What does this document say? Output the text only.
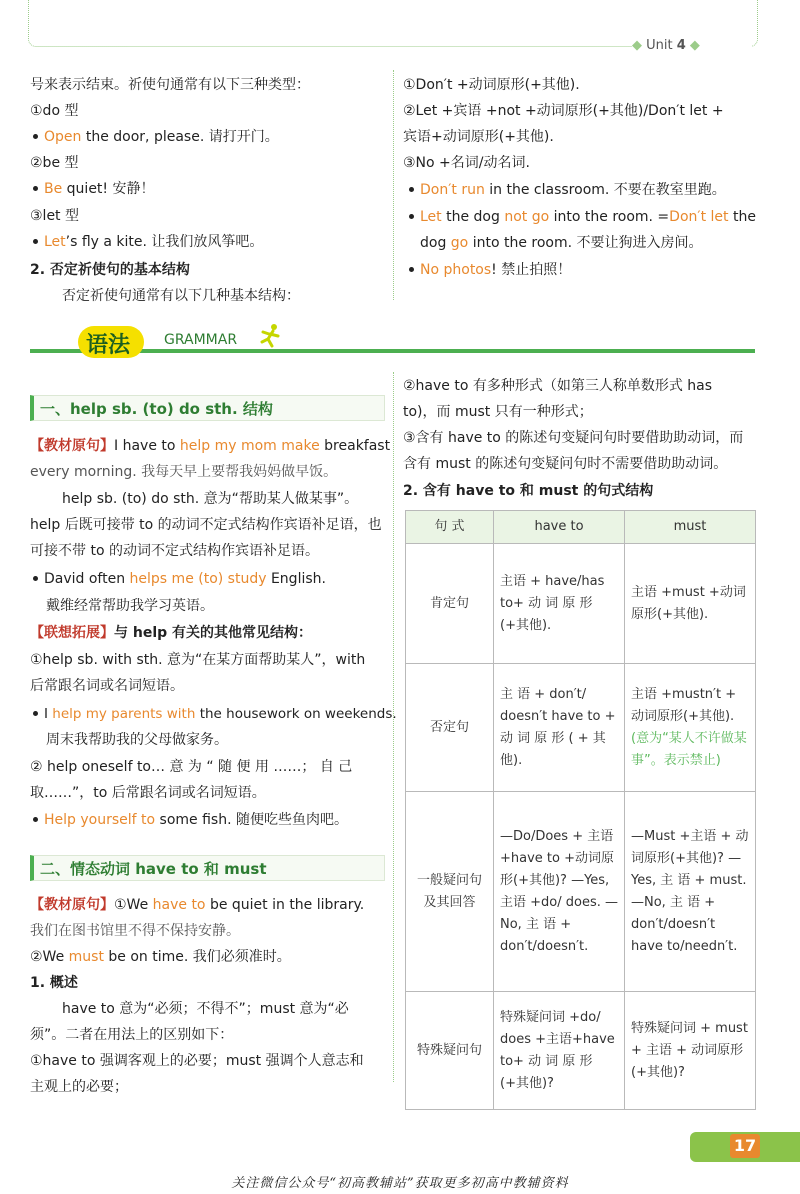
◆ Unit 4 ◆
号来表示结束。祈使句通常有以下三种类型：
①do 型
Open the door, please. 请打开门。
②be 型
Be quiet! 安静！
③let 型
Let’s fly a kite. 让我们放风筝吧。
2. 否定祈使句的基本结构
否定祈使句通常有以下几种基本结构：
①Don′t +动词原形(+其他).
②Let +宾语 +not +动词原形(+其他)/Don′t let +
宾语+动词原形(+其他).
③No +名词/动名词.
Don′t run in the classroom. 不要在教室里跑。
Let the dog not go into the room. =Don′t let the
dog go into the room. 不要让狗进入房间。
No photos! 禁止拍照！
语法 GRAMMAR
一、help sb. (to) do sth. 结构
【教材原句】I have to help my mom make breakfast
every morning. 我每天早上要帮我妈妈做早饭。
help sb. (to) do sth. 意为“帮助某人做某事”。
help 后既可接带 to 的动词不定式结构作宾语补足语，也
可接不带 to 的动词不定式结构作宾语补足语。
David often helps me (to) study English.
戴维经常帮助我学习英语。
【联想拓展】与 help 有关的其他常见结构：
①help sb. with sth. 意为“在某方面帮助某人”，with
后常跟名词或名词短语。
I help my parents with the housework on weekends.
周末我帮助我的父母做家务。
② help oneself to… 意 为 “ 随 便 用 ……； 自 己
取……”，to 后常跟名词或名词短语。
Help yourself to some fish. 随便吃些鱼肉吧。
二、情态动词 have to 和 must
【教材原句】①We have to be quiet in the library.
我们在图书馆里不得不保持安静。
②We must be on time. 我们必须准时。
1. 概述
have to 意为“必须；不得不”；must 意为“必
须”。二者在用法上的区别如下：
①have to 强调客观上的必要；must 强调个人意志和
主观上的必要；
②have to 有多种形式（如第三人称单数形式 has
to)，而 must 只有一种形式；
③含有 have to 的陈述句变疑问句时要借助助动词，而
含有 must 的陈述句变疑问句时不需要借助助动词。
2. 含有 have to 和 must 的句式结构
句 式	have to	must
肯定句	主语 + have/has to+ 动 词 原 形 (+其他).	主语 +must +动词原形(+其他).
否定句	主 语 + don′t/ doesn′t have to + 动 词 原 形 ( + 其 他).	主语 +mustn′t + 动词原形(+其他).(意为“某人不许做某事”。表示禁止)
一般疑问句及其回答	—Do/Does + 主语+have to +动词原形(+其他)? —Yes, 主语 +do/ does. —No, 主 语 + don′t/doesn′t.	—Must +主语 + 动词原形(+其他)? —Yes, 主 语 + must. —No, 主 语 + don′t/doesn′t have to/needn′t.
特殊疑问句	特殊疑问词 +do/ does +主语+have to+ 动 词 原 形 (+其他)?	特殊疑问词 + must + 主语 + 动词原形(+其他)?
17
关注微信公众号“初高教辅站”获取更多初高中教辅资料
